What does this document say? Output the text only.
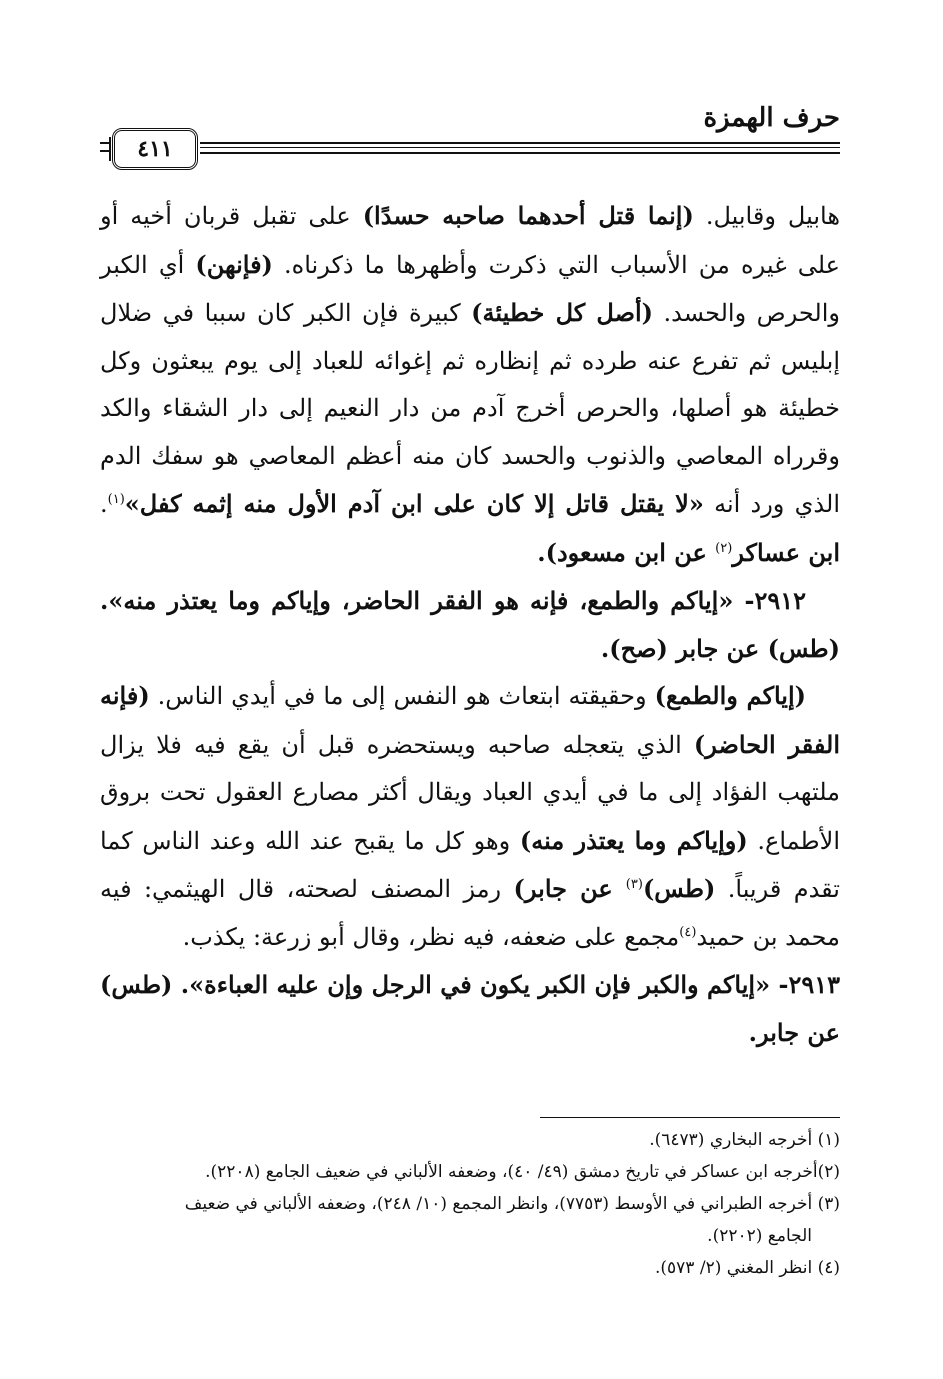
حرف الهمزة
٤١١

هابيل وقابيل. (إنما قتل أحدهما صاحبه حسدًا) على تقبل قربان أخيه أو على غيره من الأسباب التي ذكرت وأظهرها ما ذكرناه. (فإنهن) أي الكبر والحرص والحسد. (أصل كل خطيئة) كبيرة فإن الكبر كان سببا في ضلال إبليس ثم تفرع عنه طرده ثم إنظاره ثم إغوائه للعباد إلى يوم يبعثون وكل خطيئة هو أصلها، والحرص أخرج آدم من دار النعيم إلى دار الشقاء والكد وقرراه المعاصي والذنوب والحسد كان منه أعظم المعاصي هو سفك الدم الذي ورد أنه «لا يقتل قاتل إلا كان على ابن آدم الأول منه إثمه كفل»$^{(١)}$. ابن عساكر$^{(٢)}$ عن ابن مسعود).

٢٩١٢- «إياكم والطمع، فإنه هو الفقر الحاضر، وإياكم وما يعتذر منه». (طس) عن جابر (صح).

(إياكم والطمع) وحقيقته ابتعاث هو النفس إلى ما في أيدي الناس. (فإنه الفقر الحاضر) الذي يتعجله صاحبه ويستحضره قبل أن يقع فيه فلا يزال ملتهب الفؤاد إلى ما في أيدي العباد ويقال أكثر مصارع العقول تحت بروق الأطماع. (وإياكم وما يعتذر منه) وهو كل ما يقبح عند الله وعند الناس كما تقدم قريباً. (طس)$^{(٣)}$ عن جابر) رمز المصنف لصحته، قال الهيثمي: فيه محمد بن حميد$^{(٤)}$مجمع على ضعفه، فيه نظر، وقال أبو زرعة: يكذب.

٢٩١٣- «إياكم والكبر فإن الكبر يكون في الرجل وإن عليه العباءة». (طس) عن جابر.

(١) أخرجه البخاري (٦٤٧٣).

(٢)أخرجه ابن عساكر في تاريخ دمشق (٤٩/ ٤٠)، وضعفه الألباني في ضعيف الجامع (٢٢٠٨).

(٣) أخرجه الطبراني في الأوسط (٧٧٥٣)، وانظر المجمع (١٠/ ٢٤٨)، وضعفه الألباني في ضعيف

الجامع (٢٢٠٢).

(٤) انظر المغني (٢/ ٥٧٣).
